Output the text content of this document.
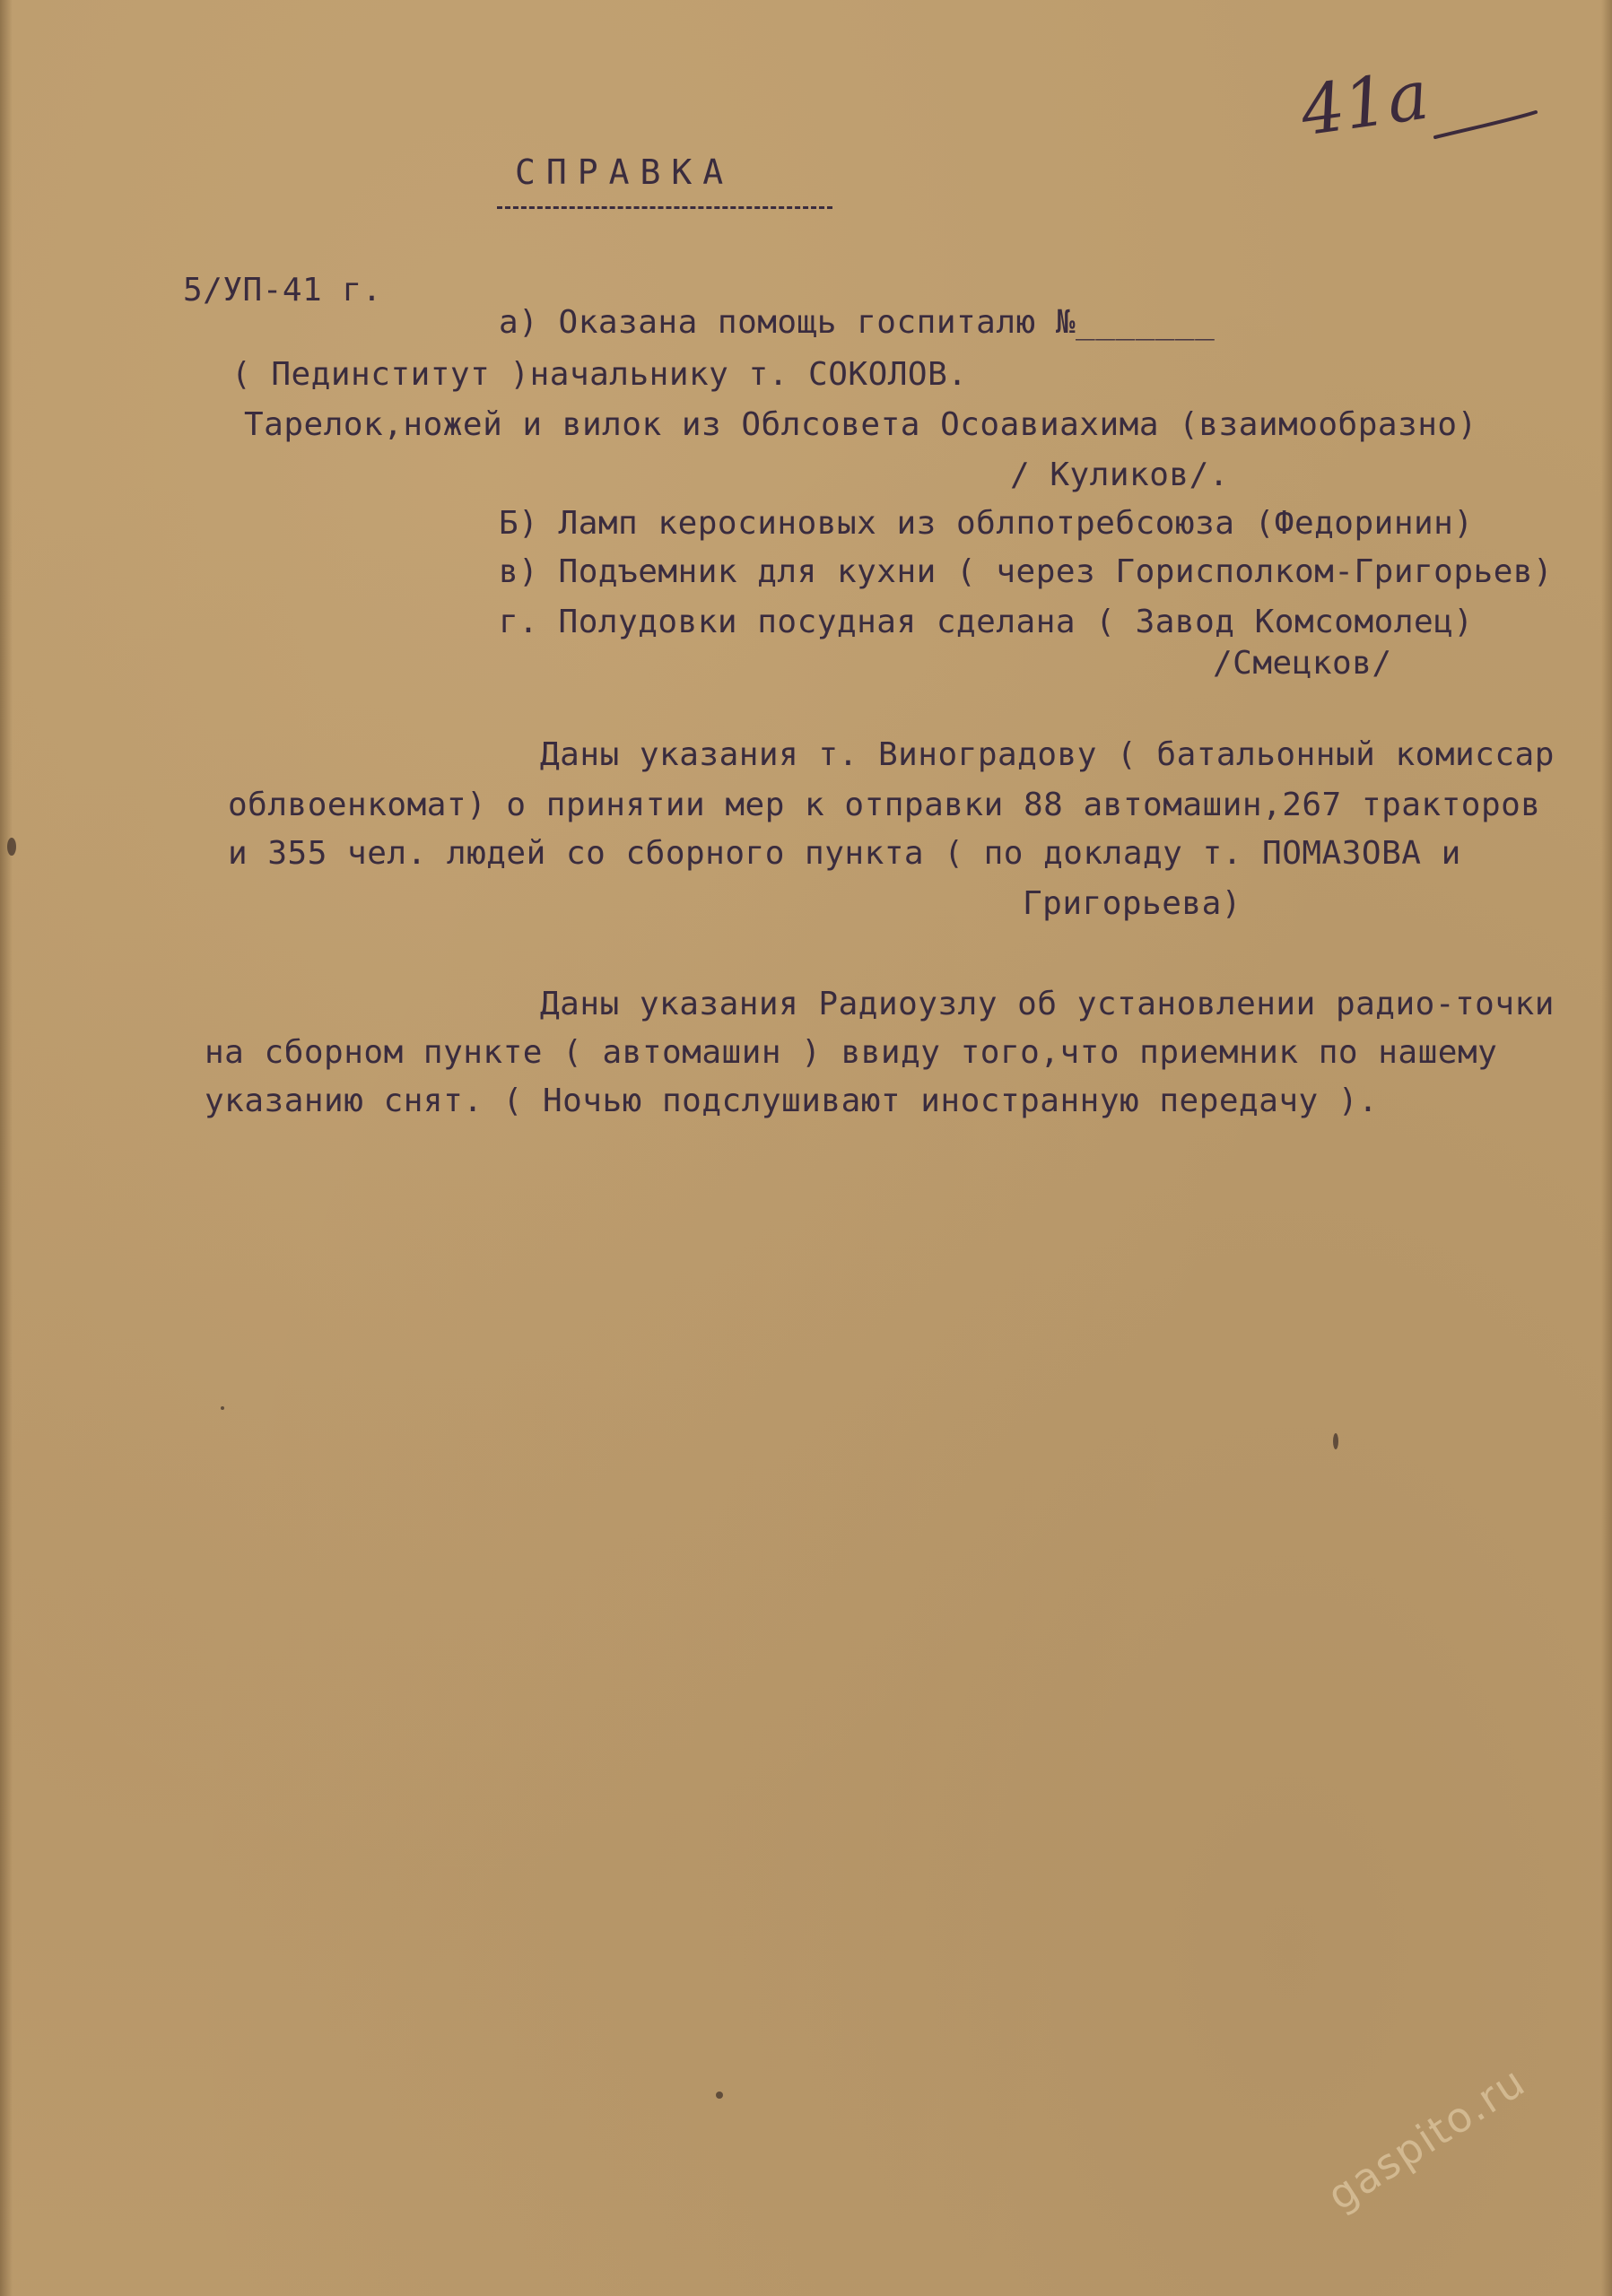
41а
СПРАВКА
5/УП-41 г.
а) Оказана помощь госпиталю №_______
( Пединститут )начальнику т. СОКОЛОВ.
Тарелок,ножей и вилок из Облсовета Осоавиахима (взаимообразно)
/ Куликов/.
Б) Ламп керосиновых из облпотребсоюза (Федоринин)
в) Подъемник для кухни ( через Горисполком-Григорьев)
г. Полудовки посудная сделана ( Завод Комсомолец)
/Смецков/
Даны указания т. Виноградову ( батальонный комиссар
облвоенкомат) о принятии мер к отправки 88 автомашин,267 тракторов
и 355 чел. людей со сборного пункта ( по докладу т. ПОМАЗОВА и
Григорьева)
Даны указания Радиоузлу об установлении радио-точки
на сборном пункте ( автомашин ) ввиду того,что приемник по нашему
указанию снят. ( Ночью подслушивают иностранную передачу ).
gaspito.ru
